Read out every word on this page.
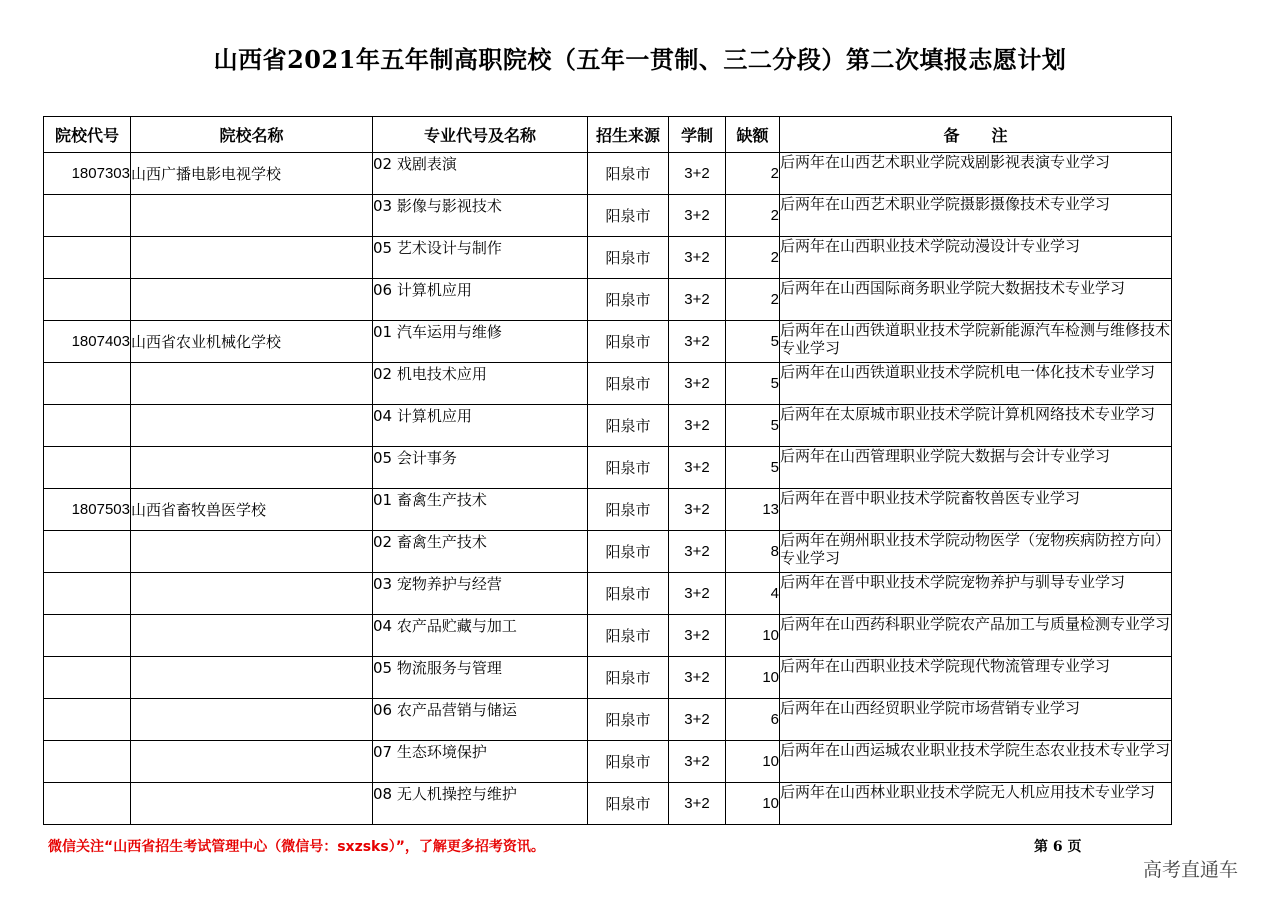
山西省2021年五年制高职院校（五年一贯制、三二分段）第二次填报志愿计划
院校代号	院校名称	专业代号及名称	招生来源	学制	缺额	备　　注
1807303	山西广播电影电视学校	02 戏剧表演	阳泉市	3+2	2	后两年在山西艺术职业学院戏剧影视表演专业学习
		03 影像与影视技术	阳泉市	3+2	2	后两年在山西艺术职业学院摄影摄像技术专业学习
		05 艺术设计与制作	阳泉市	3+2	2	后两年在山西职业技术学院动漫设计专业学习
		06 计算机应用	阳泉市	3+2	2	后两年在山西国际商务职业学院大数据技术专业学习
1807403	山西省农业机械化学校	01 汽车运用与维修	阳泉市	3+2	5	后两年在山西铁道职业技术学院新能源汽车检测与维修技术专业学习
		02 机电技术应用	阳泉市	3+2	5	后两年在山西铁道职业技术学院机电一体化技术专业学习
		04 计算机应用	阳泉市	3+2	5	后两年在太原城市职业技术学院计算机网络技术专业学习
		05 会计事务	阳泉市	3+2	5	后两年在山西管理职业学院大数据与会计专业学习
1807503	山西省畜牧兽医学校	01 畜禽生产技术	阳泉市	3+2	13	后两年在晋中职业技术学院畜牧兽医专业学习
		02 畜禽生产技术	阳泉市	3+2	8	后两年在朔州职业技术学院动物医学（宠物疾病防控方向）专业学习
		03 宠物养护与经营	阳泉市	3+2	4	后两年在晋中职业技术学院宠物养护与驯导专业学习
		04 农产品贮藏与加工	阳泉市	3+2	10	后两年在山西药科职业学院农产品加工与质量检测专业学习
		05 物流服务与管理	阳泉市	3+2	10	后两年在山西职业技术学院现代物流管理专业学习
		06 农产品营销与储运	阳泉市	3+2	6	后两年在山西经贸职业学院市场营销专业学习
		07 生态环境保护	阳泉市	3+2	10	后两年在山西运城农业职业技术学院生态农业技术专业学习
		08 无人机操控与维护	阳泉市	3+2	10	后两年在山西林业职业技术学院无人机应用技术专业学习
微信关注“山西省招生考试管理中心（微信号：sxzsks）”，了解更多招考资讯。	第 6 页
高考直通车
